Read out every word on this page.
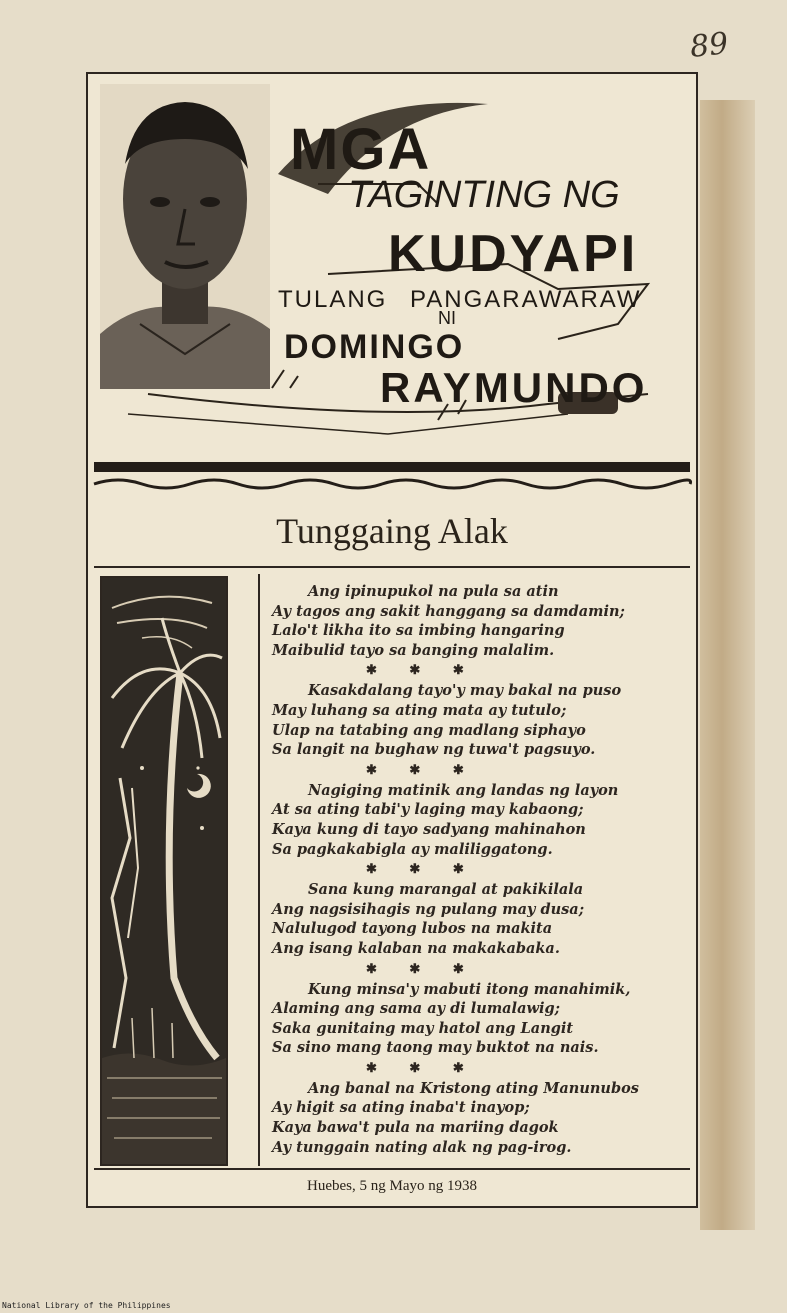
89
MGA
TAGINTING NG
KUDYAPI
TULANG PANGARAWARAW
NI
DOMINGO
RAYMUNDO
Tunggaing Alak
Ang ipinupukol na pula sa atin
Ay tagos ang sakit hanggang sa damdamin;
Lalo't likha ito sa imbing hangaring
Maibulid tayo sa banging malalim.
✱ ✱ ✱
Kasakdalang tayo'y may bakal na puso
May luhang sa ating mata ay tutulo;
Ulap na tatabing ang madlang siphayo
Sa langit na bughaw ng tuwa't pagsuyo.
✱ ✱ ✱
Nagiging matinik ang landas ng layon
At sa ating tabi'y laging may kabaong;
Kaya kung di tayo sadyang mahinahon
Sa pagkakabigla ay maliliggatong.
✱ ✱ ✱
Sana kung marangal at pakikilala
Ang nagsisihagis ng pulang may dusa;
Nalulugod tayong lubos na makita
Ang isang kalaban na makakabaka.
✱ ✱ ✱
Kung minsa'y mabuti itong manahimik,
Alaming ang sama ay di lumalawig;
Saka gunitaing may hatol ang Langit
Sa sino mang taong may buktot na nais.
✱ ✱ ✱
Ang banal na Kristong ating Manunubos
Ay higit sa ating inaba't inayop;
Kaya bawa't pula na mariing dagok
Ay tunggain nating alak ng pag-irog.
Huebes, 5 ng Mayo ng 1938
National Library of the Philippines
